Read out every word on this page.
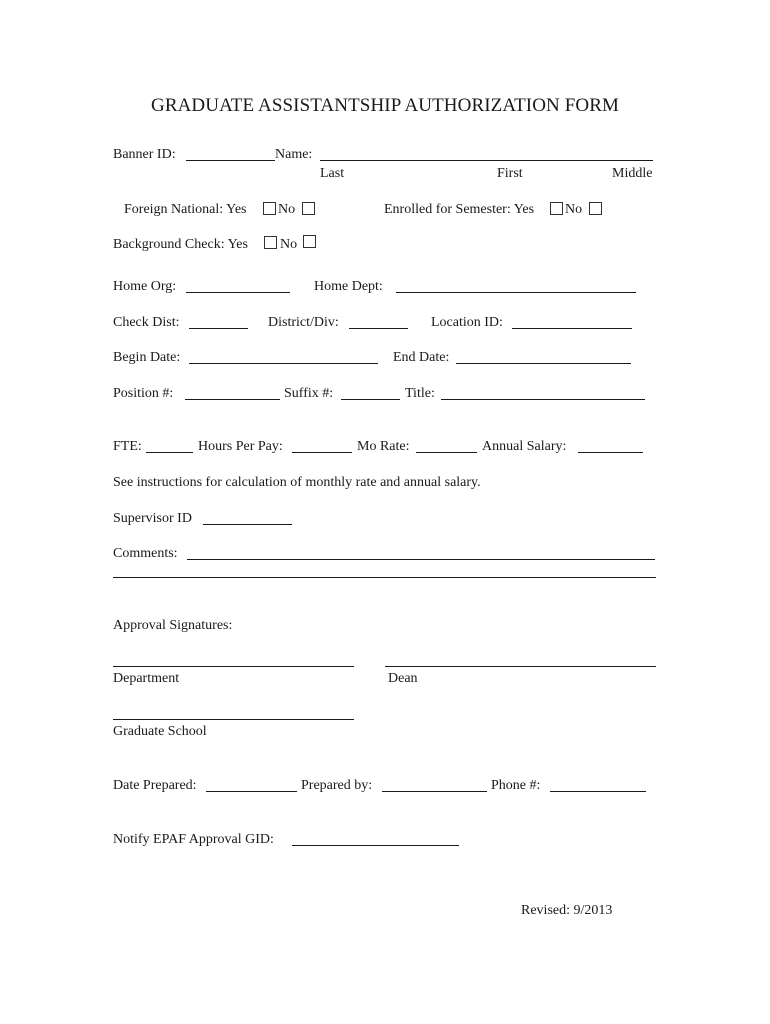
GRADUATE ASSISTANTSHIP AUTHORIZATION FORM
Banner ID:	Name:
Last	First	Middle
Foreign National: Yes No	Enrolled for Semester: Yes No
Background Check: Yes No
Home Org:	Home Dept:
Check Dist:	District/Div:	Location ID:
Begin Date:	End Date:
Position #:	Suffix #:	Title:
FTE:	Hours Per Pay:	Mo Rate:	Annual Salary:
See instructions for calculation of monthly rate and annual salary.
Supervisor ID
Comments:
Approval Signatures:
Department	Dean
Graduate School
Date Prepared:	Prepared by:	Phone #:
Notify EPAF Approval GID:
Revised: 9/2013
